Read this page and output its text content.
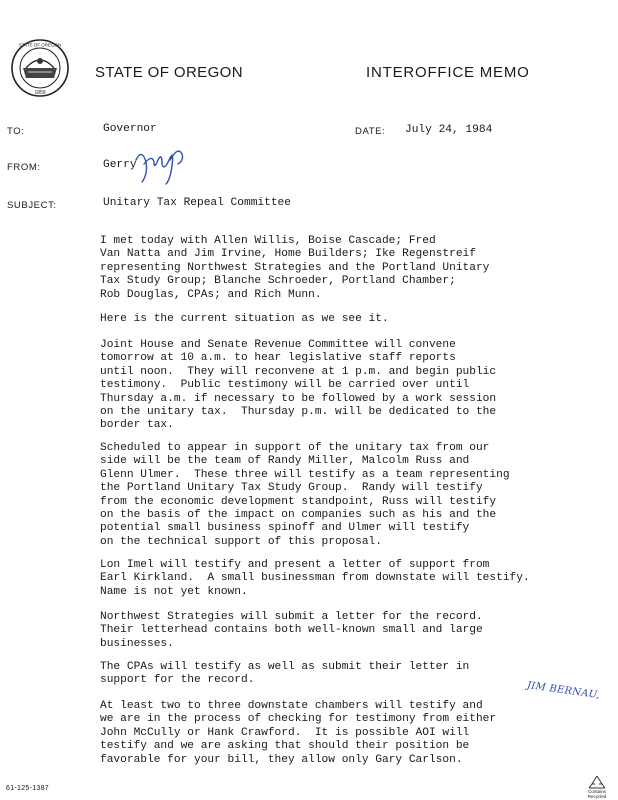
STATE OF OREGON
1859
STATE OF OREGON	INTEROFFICE MEMO
TO:	Governor	DATE: July 24, 1984
FROM:	Gerry
SUBJECT:	Unitary Tax Repeal Committee
I met today with Allen Willis, Boise Cascade; Fred
Van Natta and Jim Irvine, Home Builders; Ike Regenstreif
representing Northwest Strategies and the Portland Unitary
Tax Study Group; Blanche Schroeder, Portland Chamber;
Rob Douglas, CPAs; and Rich Munn.
Here is the current situation as we see it.
Joint House and Senate Revenue Committee will convene
tomorrow at 10 a.m. to hear legislative staff reports
until noon.  They will reconvene at 1 p.m. and begin public
testimony.  Public testimony will be carried over until
Thursday a.m. if necessary to be followed by a work session
on the unitary tax.  Thursday p.m. will be dedicated to the
border tax.
Scheduled to appear in support of the unitary tax from our
side will be the team of Randy Miller, Malcolm Russ and
Glenn Ulmer.  These three will testify as a team representing
the Portland Unitary Tax Study Group.  Randy will testify
from the economic development standpoint, Russ will testify
on the basis of the impact on companies such as his and the
potential small business spinoff and Ulmer will testify
on the technical support of this proposal.
Lon Imel will testify and present a letter of support from
Earl Kirkland.  A small businessman from downstate will testify.
Name is not yet known.
Northwest Strategies will submit a letter for the record.
Their letterhead contains both well-known small and large
businesses.
The CPAs will testify as well as submit their letter in
support for the record.
At least two to three downstate chambers will testify and
we are in the process of checking for testimony from either
John McCully or Hank Crawford.  It is possible AOI will
testify and we are asking that should their position be
favorable for your bill, they allow only Gary Carlson.
JIM BERNAU,
61-125-1387	Contains Recycled
